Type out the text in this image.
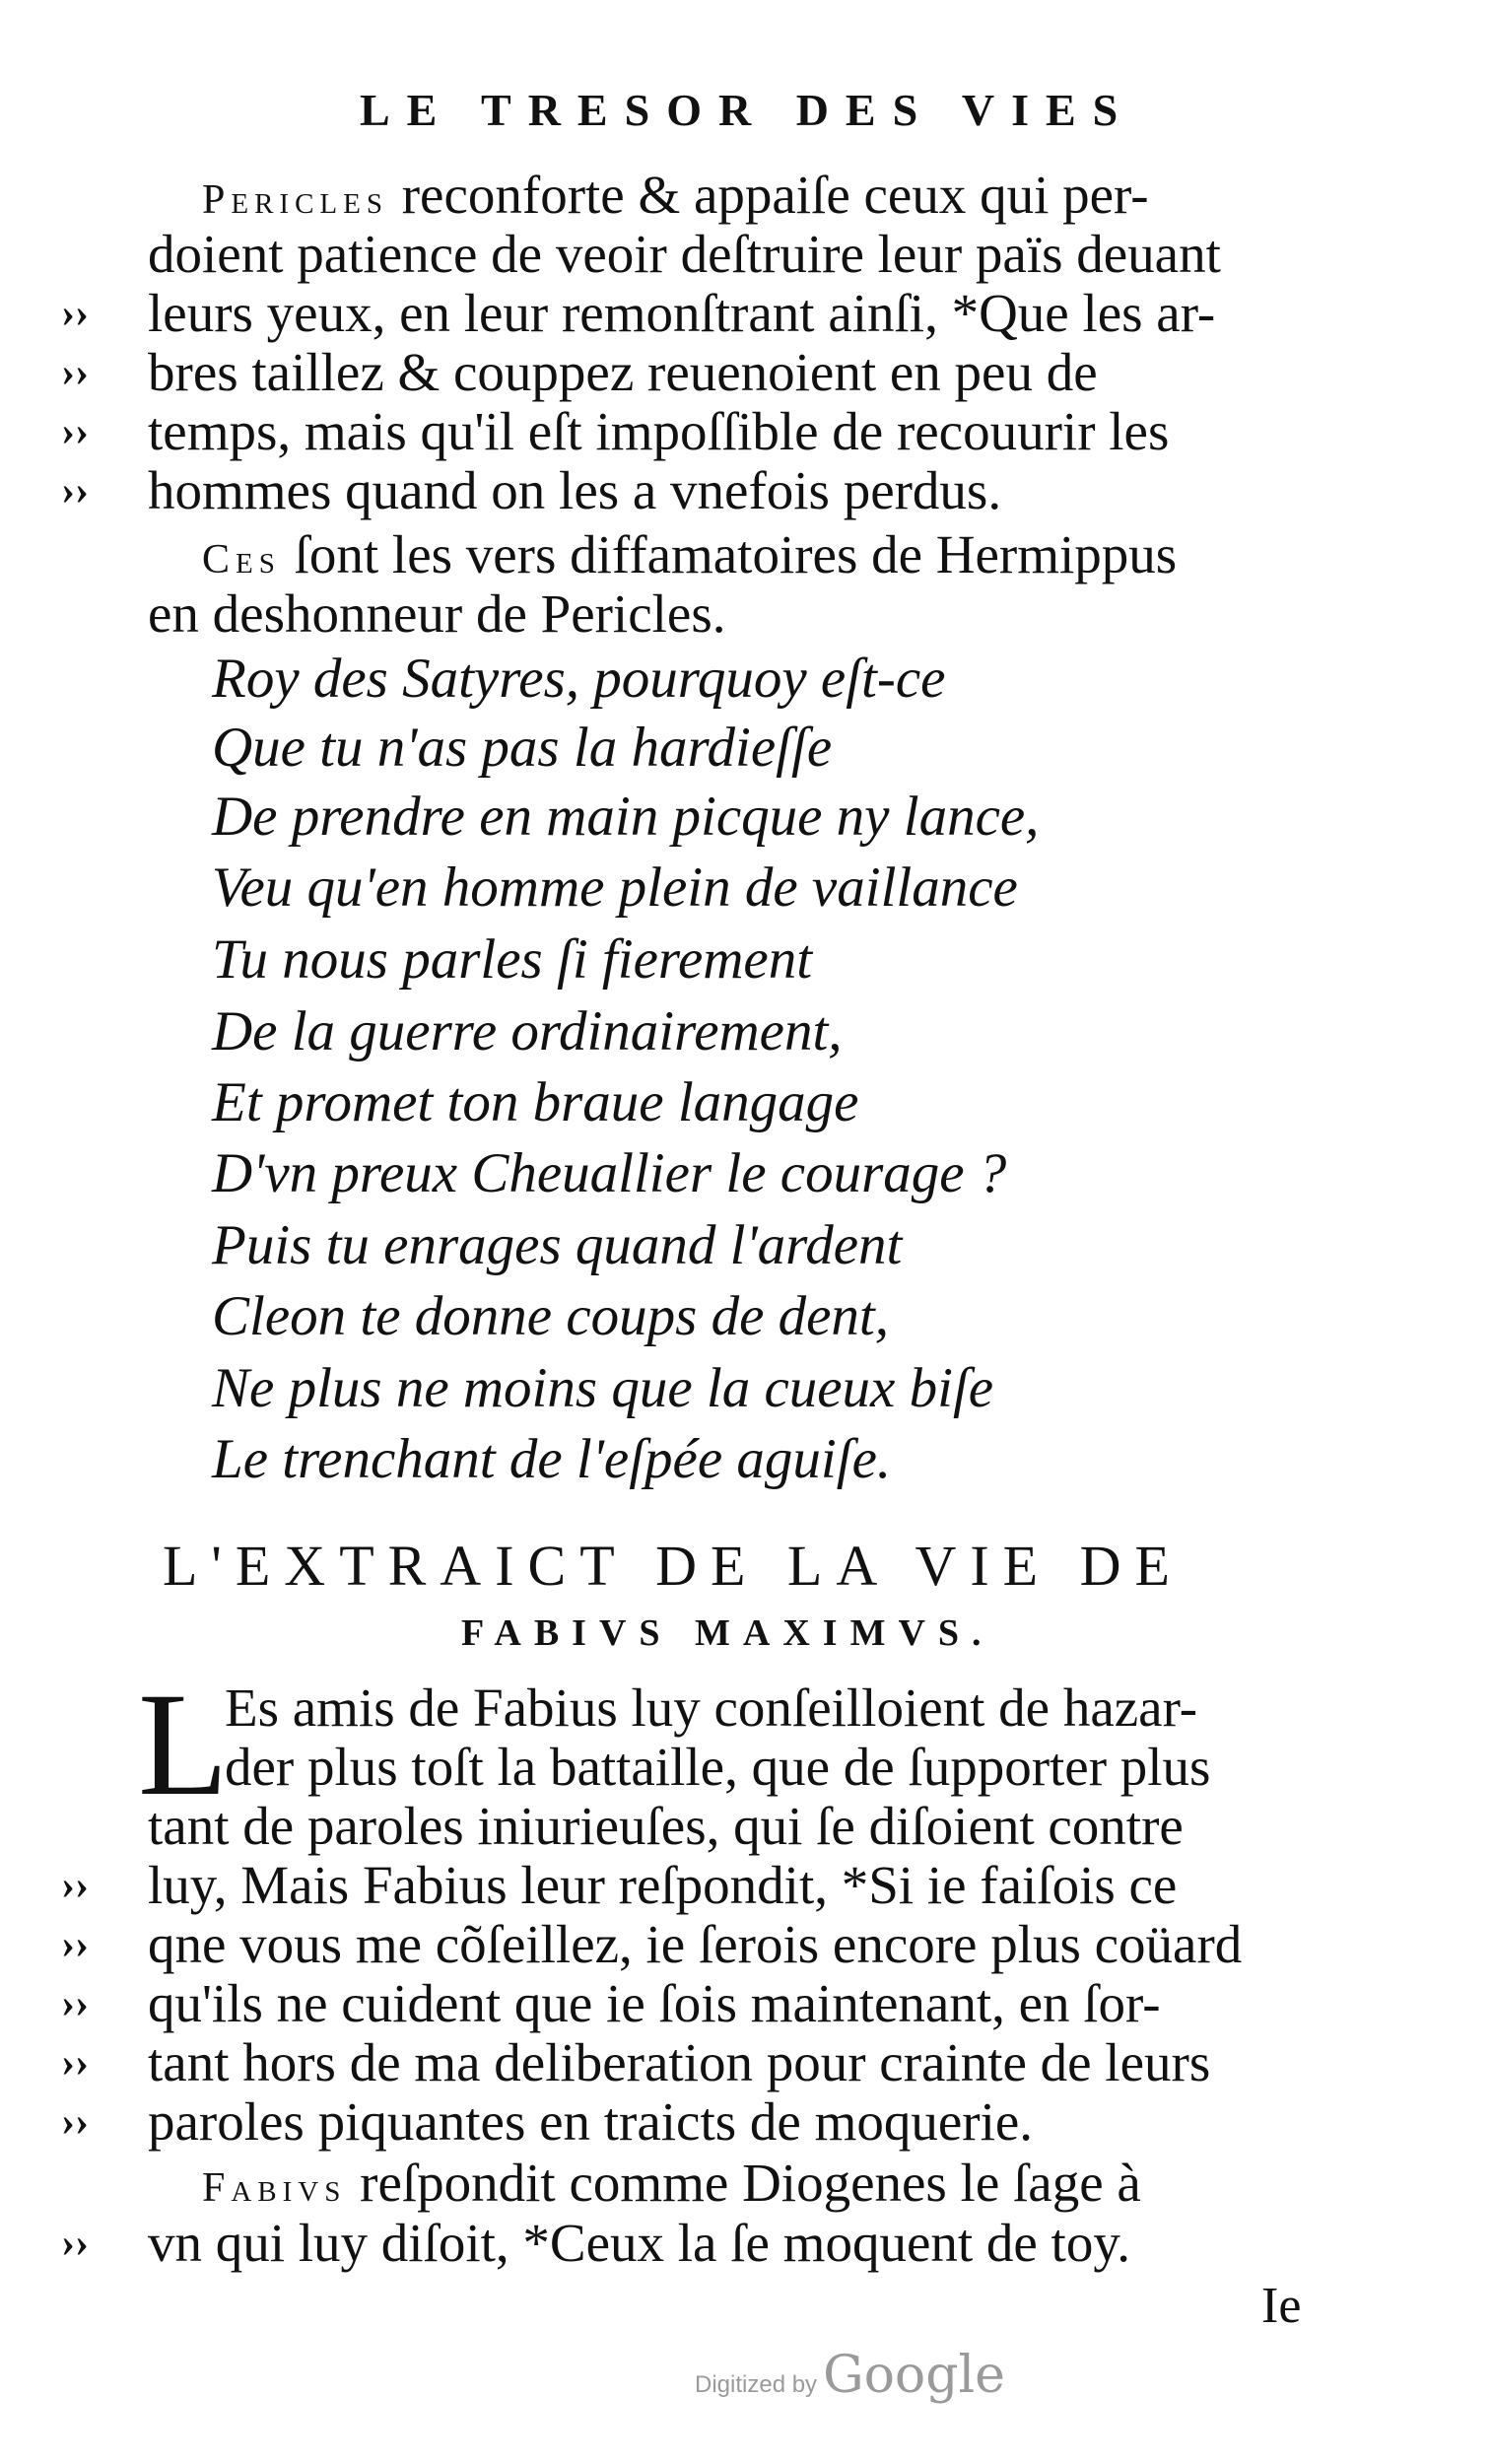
LE TRESOR DES VIES
Pericles reconforte & appaiſe ceux qui per-
doient patience de veoir deſtruire leur païs deuant
leurs yeux, en leur remonſtrant ainſi, *Que les ar-
bres taillez & couppez reuenoient en peu de
temps, mais qu'il eſt impoſſible de recouurir les
hommes quand on les a vnefois perdus.
Ces ſont les vers diffamatoires de Hermippus
en deshonneur de Pericles.
››
››
››
››
Roy des Satyres, pourquoy eſt-ce
Que tu n'as pas la hardieſſe
De prendre en main picque ny lance,
Veu qu'en homme plein de vaillance
Tu nous parles ſi fierement
De la guerre ordinairement,
Et promet ton braue langage
D'vn preux Cheuallier le courage ?
Puis tu enrages quand l'ardent
Cleon te donne coups de dent,
Ne plus ne moins que la cueux biſe
Le trenchant de l'eſpée aguiſe.
L'EXTRAICT DE LA VIE DE
FABIVS MAXIMVS.
L
Es amis de Fabius luy conſeilloient de hazar-
der plus toſt la battaille, que de ſupporter plus
tant de paroles iniurieuſes, qui ſe diſoient contre
luy, Mais Fabius leur reſpondit, *Si ie faiſois ce
qne vous me cõſeillez, ie ſerois encore plus coüard
qu'ils ne cuident que ie ſois maintenant, en ſor-
tant hors de ma deliberation pour crainte de leurs
paroles piquantes en traicts de moquerie.
Fabivs reſpondit comme Diogenes le ſage à
vn qui luy diſoit, *Ceux la ſe moquent de toy.
››
››
››
››
››
››
Ie
Digitized by Google
